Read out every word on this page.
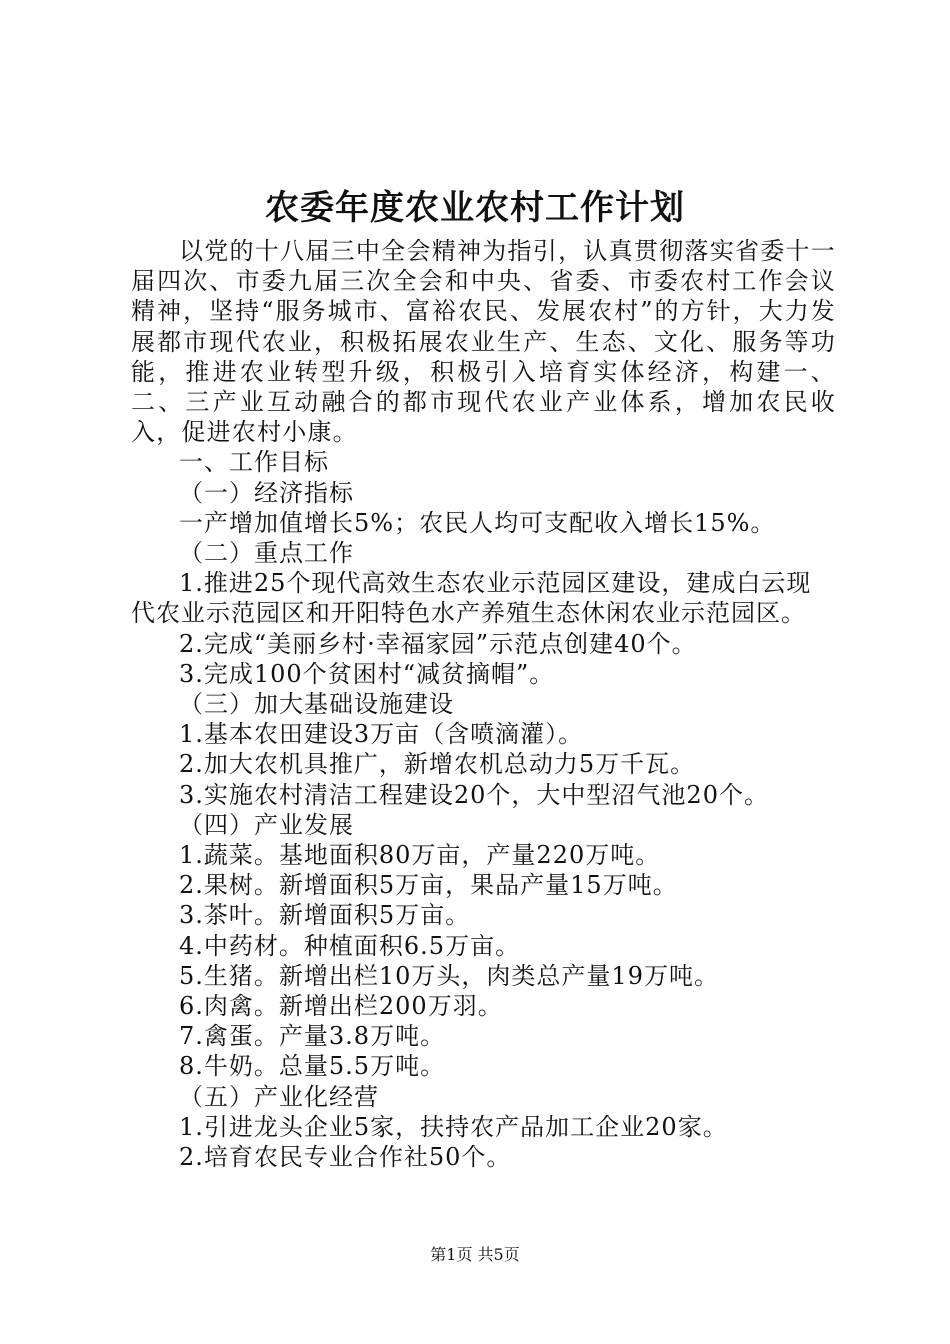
农委年度农业农村工作计划

以党的十八届三中全会精神为指引，认真贯彻落实省委十一届四次、市委九届三次全会和中央、省委、市委农村工作会议精神，坚持“服务城市、富裕农民、发展农村”的方针，大力发展都市现代农业，积极拓展农业生产、生态、文化、服务等功能，推进农业转型升级，积极引入培育实体经济，构建一、二、三产业互动融合的都市现代农业产业体系，增加农民收入，促进农村小康。

一、工作目标

（一）经济指标

一产增加值增长5%；农民人均可支配收入增长15%。

（二）重点工作

1.推进25个现代高效生态农业示范园区建设，建成白云现代农业示范园区和开阳特色水产养殖生态休闲农业示范园区。

2.完成“美丽乡村·幸福家园”示范点创建40个。

3.完成100个贫困村“减贫摘帽”。

（三）加大基础设施建设

1.基本农田建设3万亩（含喷滴灌）。

2.加大农机具推广，新增农机总动力5万千瓦。

3.实施农村清洁工程建设20个，大中型沼气池20个。

（四）产业发展

1.蔬菜。基地面积80万亩，产量220万吨。

2.果树。新增面积5万亩，果品产量15万吨。

3.茶叶。新增面积5万亩。

4.中药材。种植面积6.5万亩。

5.生猪。新增出栏10万头，肉类总产量19万吨。

6.肉禽。新增出栏200万羽。

7.禽蛋。产量3.8万吨。

8.牛奶。总量5.5万吨。

（五）产业化经营

1.引进龙头企业5家，扶持农产品加工企业20家。

2.培育农民专业合作社50个。

第1页 共5页
